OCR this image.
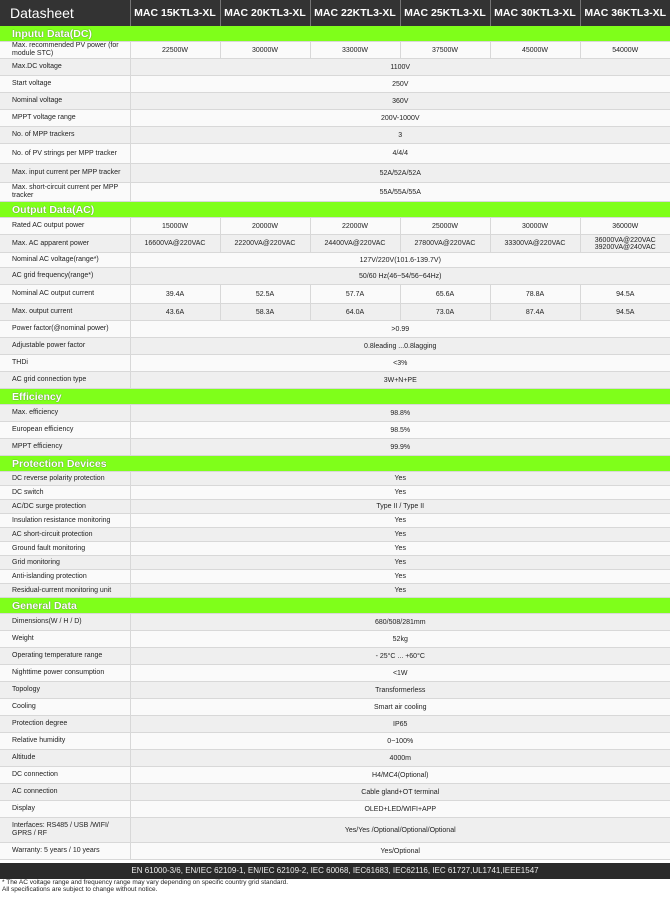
Datasheet	MAC 15KTL3-XL	MAC 20KTL3-XL	MAC 22KTL3-XL	MAC 25KTL3-XL	MAC 30KTL3-XL	MAC 36KTL3-XL
Inputu Data(DC)						
Max. recommended PV power (for module STC)	22500W	30000W	33000W	37500W	45000W	54000W
Max.DC voltage	1100V					
Start voltage	250V					
Nominal voltage	360V					
MPPT voltage range	200V-1000V					
No. of MPP trackers	3					
No. of PV strings per MPP tracker	4/4/4					
Max. input current per MPP tracker	52A/52A/52A					
Max. short-circuit current per MPP tracker	55A/55A/55A					
Output Data(AC)						
Rated AC output power	15000W	20000W	22000W	25000W	30000W	36000W
Max. AC apparent power	16600VA@220VAC	22200VA@220VAC	24400VA@220VAC	27800VA@220VAC	33300VA@220VAC	36000VA@220VAC 39200VA@240VAC
Nominal AC voltage(range*)	127V/220V(101.6-139.7V)					
AC grid frequency(range*)	50/60 Hz(46~54/56~64Hz)					
Nominal AC output current	39.4A	52.5A	57.7A	65.6A	78.8A	94.5A
Max. output current	43.6A	58.3A	64.0A	73.0A	87.4A	94.5A
Power factor(@nominal power)	>0.99					
Adjustable power factor	0.8leading ...0.8lagging					
THDi	<3%					
AC grid connection type	3W+N+PE					
Efficiency						
Max. efficiency	98.8%					
European efficiency	98.5%					
MPPT efficiency	99.9%					
Protection Devices						
DC reverse polarity protection	Yes					
DC switch	Yes					
AC/DC surge protection	Type II / Type II					
Insulation resistance monitoring	Yes					
AC short-circuit protection	Yes					
Ground fault monitoring	Yes					
Grid monitoring	Yes					
Anti-islanding protection	Yes					
Residual-current monitoring unit	Yes					
General Data						
Dimensions(W / H / D)	680/508/281mm					
Weight	52kg					
Operating temperature range	- 25°C ... +60°C					
Nighttime power consumption	<1W					
Topology	Transformerless					
Cooling	Smart air cooling					
Protection degree	IP65					
Relative humidity	0~100%					
Altitude	4000m					
DC connection	H4/MC4(Optional)					
AC connection	Cable gland+OT terminal					
Display	OLED+LED/WIFI+APP					
Interfaces: RS485 / USB /WIFI/ GPRS / RF	Yes/Yes /Optional/Optional/Optional					
Warranty: 5 years / 10 years	Yes/Optional					
EN 61000-3/6, EN/IEC 62109-1, EN/IEC 62109-2, IEC 60068, IEC61683, IEC62116, IEC 61727,UL1741,IEEE1547
* The AC voltage range and frequency range may vary depending on specific country grid standard.
All specifications are subject to change without notice.
